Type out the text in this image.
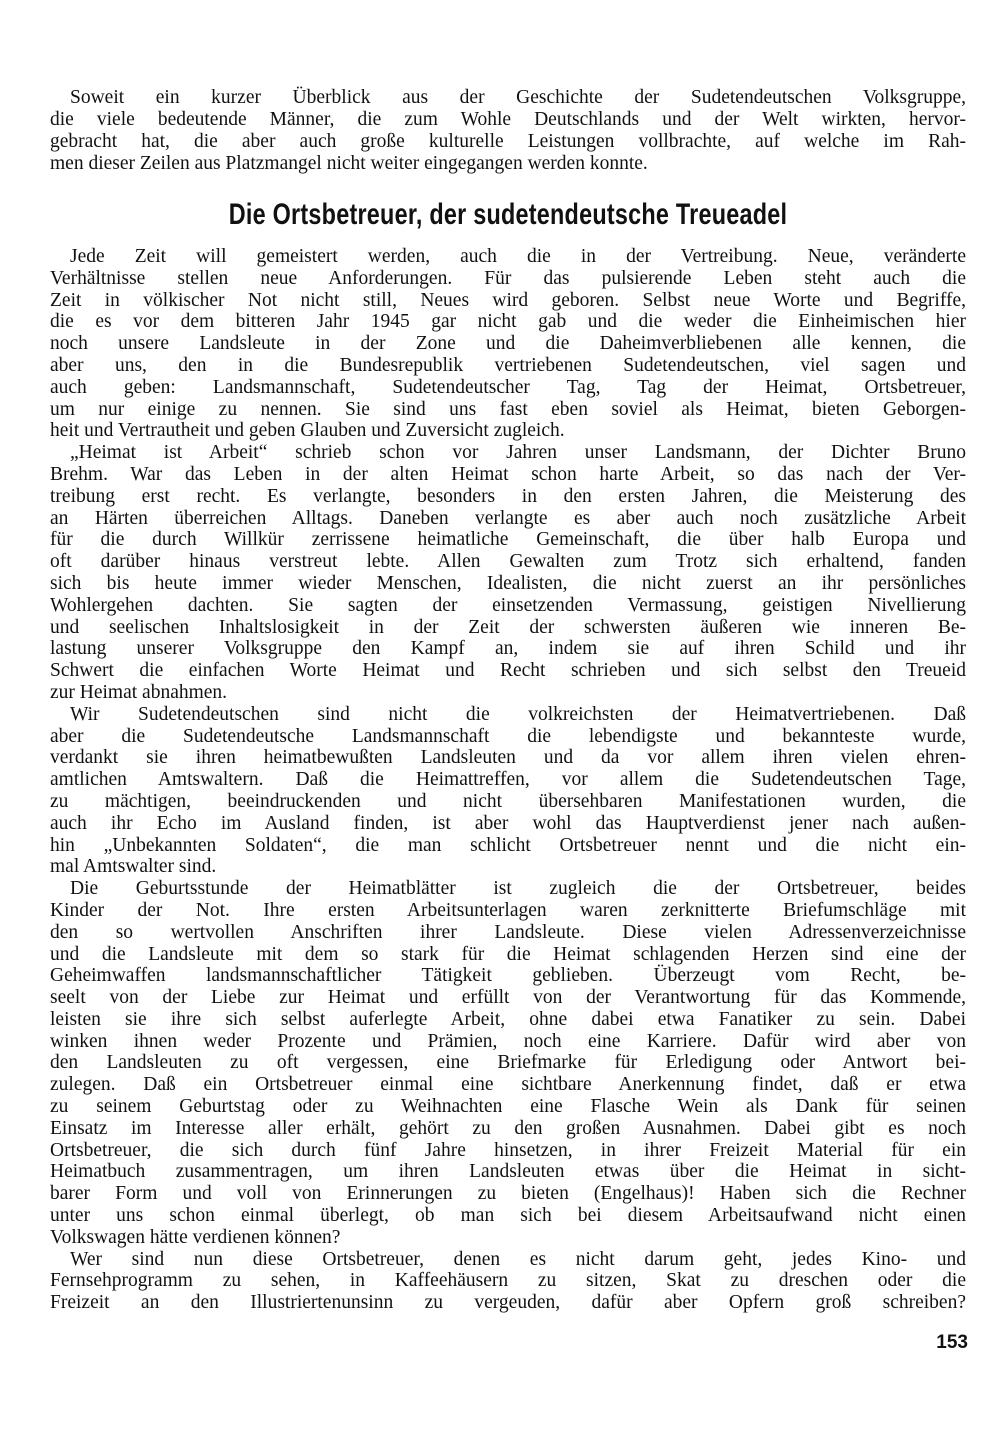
Soweit ein kurzer Überblick aus der Geschichte der Sudetendeutschen Volksgruppe,
die viele bedeutende Männer, die zum Wohle Deutschlands und der Welt wirkten, hervor-
gebracht hat, die aber auch große kulturelle Leistungen vollbrachte, auf welche im Rah-
men dieser Zeilen aus Platzmangel nicht weiter eingegangen werden konnte.
Die Ortsbetreuer, der sudetendeutsche Treueadel
Jede Zeit will gemeistert werden, auch die in der Vertreibung. Neue, veränderte
Verhältnisse stellen neue Anforderungen. Für das pulsierende Leben steht auch die
Zeit in völkischer Not nicht still, Neues wird geboren. Selbst neue Worte und Begriffe,
die es vor dem bitteren Jahr 1945 gar nicht gab und die weder die Einheimischen hier
noch unsere Landsleute in der Zone und die Daheimverbliebenen alle kennen, die
aber uns, den in die Bundesrepublik vertriebenen Sudetendeutschen, viel sagen und
auch geben: Landsmannschaft, Sudetendeutscher Tag, Tag der Heimat, Ortsbetreuer,
um nur einige zu nennen. Sie sind uns fast eben soviel als Heimat, bieten Geborgen-
heit und Vertrautheit und geben Glauben und Zuversicht zugleich.
„Heimat ist Arbeit“ schrieb schon vor Jahren unser Landsmann, der Dichter Bruno
Brehm. War das Leben in der alten Heimat schon harte Arbeit, so das nach der Ver-
treibung erst recht. Es verlangte, besonders in den ersten Jahren, die Meisterung des
an Härten überreichen Alltags. Daneben verlangte es aber auch noch zusätzliche Arbeit
für die durch Willkür zerrissene heimatliche Gemeinschaft, die über halb Europa und
oft darüber hinaus verstreut lebte. Allen Gewalten zum Trotz sich erhaltend, fanden
sich bis heute immer wieder Menschen, Idealisten, die nicht zuerst an ihr persönliches
Wohlergehen dachten. Sie sagten der einsetzenden Vermassung, geistigen Nivellierung
und seelischen Inhaltslosigkeit in der Zeit der schwersten äußeren wie inneren Be-
lastung unserer Volksgruppe den Kampf an, indem sie auf ihren Schild und ihr
Schwert die einfachen Worte Heimat und Recht schrieben und sich selbst den Treueid
zur Heimat abnahmen.
Wir Sudetendeutschen sind nicht die volkreichsten der Heimatvertriebenen. Daß
aber die Sudetendeutsche Landsmannschaft die lebendigste und bekannteste wurde,
verdankt sie ihren heimatbewußten Landsleuten und da vor allem ihren vielen ehren-
amtlichen Amtswaltern. Daß die Heimattreffen, vor allem die Sudetendeutschen Tage,
zu mächtigen, beeindruckenden und nicht übersehbaren Manifestationen wurden, die
auch ihr Echo im Ausland finden, ist aber wohl das Hauptverdienst jener nach außen-
hin „Unbekannten Soldaten“, die man schlicht Ortsbetreuer nennt und die nicht ein-
mal Amtswalter sind.
Die Geburtsstunde der Heimatblätter ist zugleich die der Ortsbetreuer, beides
Kinder der Not. Ihre ersten Arbeitsunterlagen waren zerknitterte Briefumschläge mit
den so wertvollen Anschriften ihrer Landsleute. Diese vielen Adressenverzeichnisse
und die Landsleute mit dem so stark für die Heimat schlagenden Herzen sind eine der
Geheimwaffen landsmannschaftlicher Tätigkeit geblieben. Überzeugt vom Recht, be-
seelt von der Liebe zur Heimat und erfüllt von der Verantwortung für das Kommende,
leisten sie ihre sich selbst auferlegte Arbeit, ohne dabei etwa Fanatiker zu sein. Dabei
winken ihnen weder Prozente und Prämien, noch eine Karriere. Dafür wird aber von
den Landsleuten zu oft vergessen, eine Briefmarke für Erledigung oder Antwort bei-
zulegen. Daß ein Ortsbetreuer einmal eine sichtbare Anerkennung findet, daß er etwa
zu seinem Geburtstag oder zu Weihnachten eine Flasche Wein als Dank für seinen
Einsatz im Interesse aller erhält, gehört zu den großen Ausnahmen. Dabei gibt es noch
Ortsbetreuer, die sich durch fünf Jahre hinsetzen, in ihrer Freizeit Material für ein
Heimatbuch zusammentragen, um ihren Landsleuten etwas über die Heimat in sicht-
barer Form und voll von Erinnerungen zu bieten (Engelhaus)! Haben sich die Rechner
unter uns schon einmal überlegt, ob man sich bei diesem Arbeitsaufwand nicht einen
Volkswagen hätte verdienen können?
Wer sind nun diese Ortsbetreuer, denen es nicht darum geht, jedes Kino- und
Fernsehprogramm zu sehen, in Kaffeehäusern zu sitzen, Skat zu dreschen oder die
Freizeit an den Illustriertenunsinn zu vergeuden, dafür aber Opfern groß schreiben?
153
